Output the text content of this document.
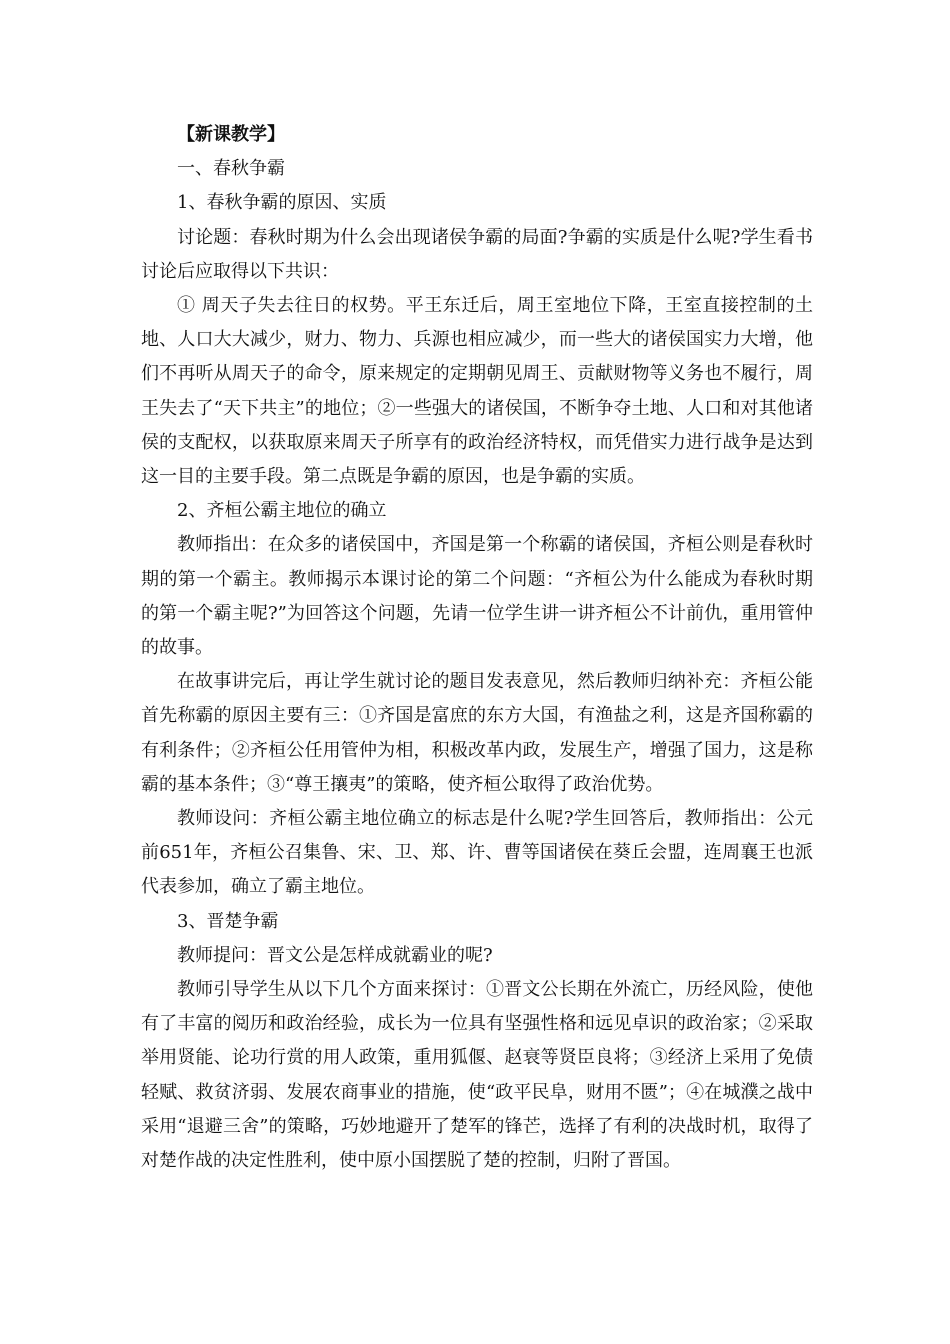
【新课教学】

一、春秋争霸

1、春秋争霸的原因、实质

讨论题：春秋时期为什么会出现诸侯争霸的局面?争霸的实质是什么呢?学生看书讨论后应取得以下共识：

① 周天子失去往日的权势。平王东迁后，周王室地位下降，王室直接控制的土地、人口大大减少，财力、物力、兵源也相应减少，而一些大的诸侯国实力大增，他们不再听从周天子的命令，原来规定的定期朝见周王、贡献财物等义务也不履行，周王失去了“天下共主”的地位；②一些强大的诸侯国，不断争夺土地、人口和对其他诸侯的支配权，以获取原来周天子所享有的政治经济特权，而凭借实力进行战争是达到这一目的主要手段。第二点既是争霸的原因，也是争霸的实质。

2、齐桓公霸主地位的确立

教师指出：在众多的诸侯国中，齐国是第一个称霸的诸侯国，齐桓公则是春秋时期的第一个霸主。教师揭示本课讨论的第二个问题：“齐桓公为什么能成为春秋时期的第一个霸主呢?”为回答这个问题，先请一位学生讲一讲齐桓公不计前仇，重用管仲的故事。

在故事讲完后，再让学生就讨论的题目发表意见，然后教师归纳补充：齐桓公能首先称霸的原因主要有三：①齐国是富庶的东方大国，有渔盐之利，这是齐国称霸的有利条件；②齐桓公任用管仲为相，积极改革内政，发展生产，增强了国力，这是称霸的基本条件；③“尊王攘夷”的策略，使齐桓公取得了政治优势。

教师设问：齐桓公霸主地位确立的标志是什么呢?学生回答后，教师指出：公元前651年，齐桓公召集鲁、宋、卫、郑、许、曹等国诸侯在葵丘会盟，连周襄王也派代表参加，确立了霸主地位。

3、晋楚争霸

教师提问：晋文公是怎样成就霸业的呢?

教师引导学生从以下几个方面来探讨：①晋文公长期在外流亡，历经风险，使他有了丰富的阅历和政治经验，成长为一位具有坚强性格和远见卓识的政治家；②采取举用贤能、论功行赏的用人政策，重用狐偃、赵衰等贤臣良将；③经济上采用了免债轻赋、救贫济弱、发展农商事业的措施，使“政平民阜，财用不匮”；④在城濮之战中采用“退避三舍”的策略，巧妙地避开了楚军的锋芒，选择了有利的决战时机，取得了对楚作战的决定性胜利，使中原小国摆脱了楚的控制，归附了晋国。
